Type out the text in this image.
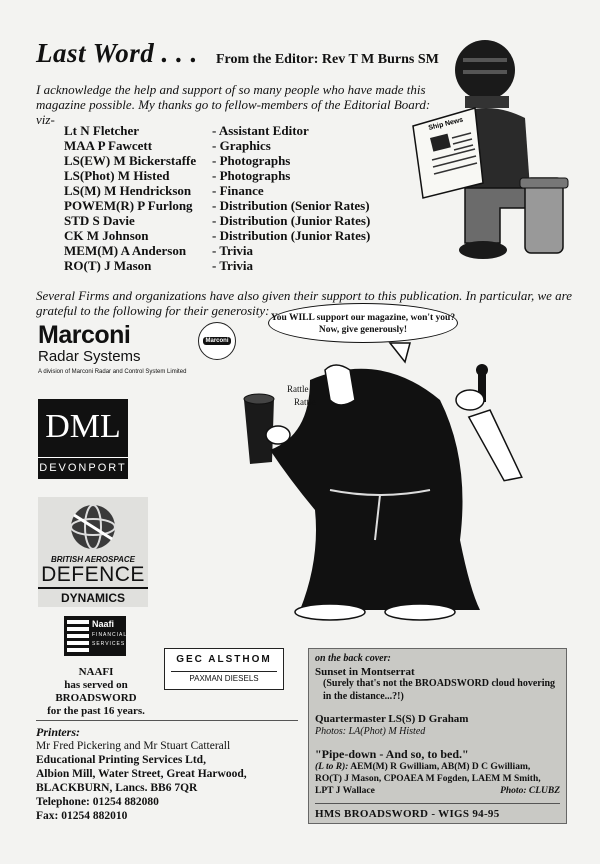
Last Word . . . From the Editor: Rev T M Burns SM
I acknowledge the help and support of so many people who have made this magazine possible. My thanks go to fellow-members of the Editorial Board: viz-
Lt N Fletcher	- Assistant Editor
MAA P Fawcett	- Graphics
LS(EW) M Bickerstaffe	- Photographs
LS(Phot) M Histed	- Photographs
LS(M) M Hendrickson	- Finance
POWEM(R) P Furlong	- Distribution (Senior Rates)
STD S Davie	- Distribution (Junior Rates)
CK M Johnson	- Distribution (Junior Rates)
MEM(M) A Anderson	- Trivia
RO(T) J Mason	- Trivia
Ship News
Several Firms and organizations have also given their support to this publication. In particular, we are grateful to the following for their generosity:
Marconi
Radar Systems
A division of Marconi Radar and Control System Limited
Marconi
DML
DEVONPORT
BRITISH AEROSPACE
DEFENCE
DYNAMICS
Naafi
FINANCIAL
SERVICES
NAAFI
has served on
BROADSWORD
for the past 16 years.
GEC ALSTHOM
PAXMAN DIESELS
You WILL support our magazine, won't you?
Now, give generously!
Rattle
Rattle
Printers:
Mr Fred Pickering and Mr Stuart Catterall
Educational Printing Services Ltd,
Albion Mill, Water Street, Great Harwood,
BLACKBURN, Lancs. BB6 7QR
Telephone: 01254 882080
Fax: 01254 882010
on the back cover:
Sunset in Montserrat
(Surely that's not the BROADSWORD cloud hovering in the distance...?!)
Quartermaster LS(S) D Graham
Photos: LA(Phot) M Histed
"Pipe-down - And so, to bed."
(L to R): AEM(M) R Gwilliam, AB(M) D C Gwilliam,
RO(T) J Mason, CPOAEA M Fogden, LAEM M Smith,
LPT J Wallace	Photo: CLUBZ
HMS BROADSWORD - WIGS 94-95
